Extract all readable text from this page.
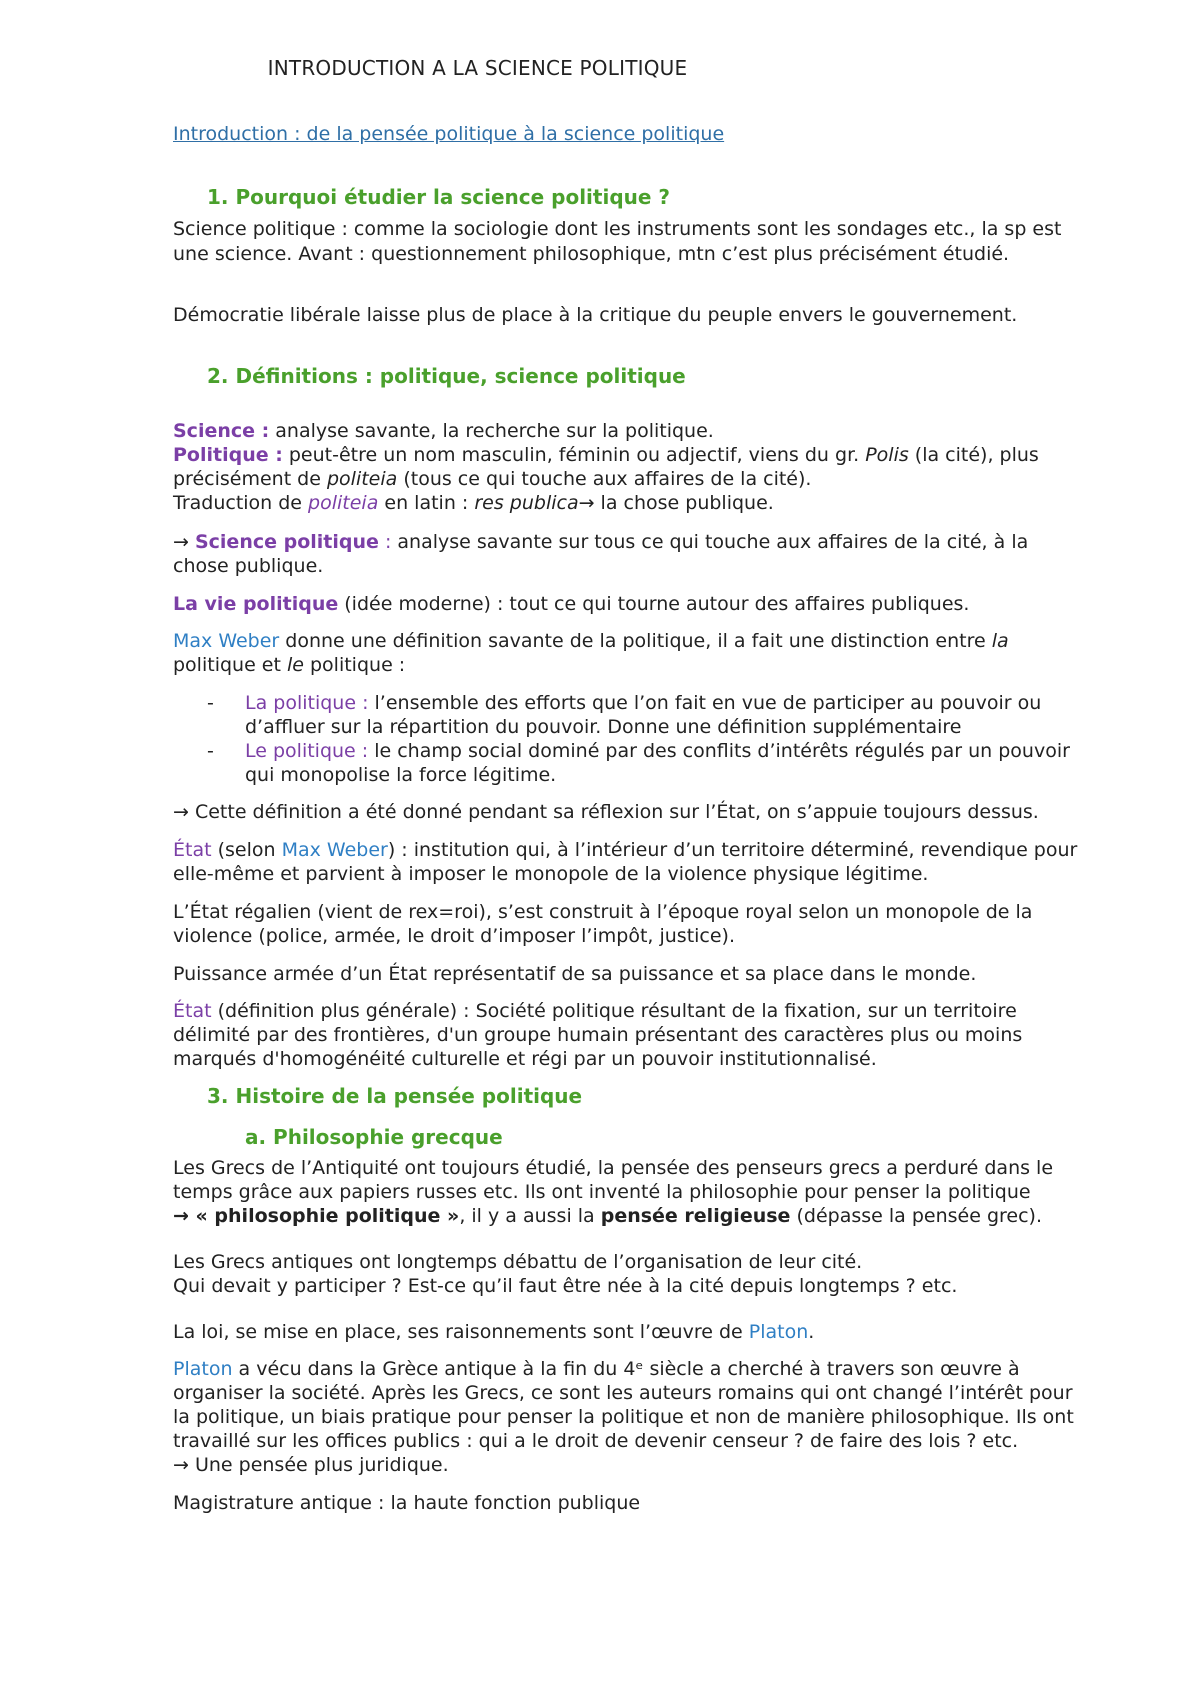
INTRODUCTION A LA SCIENCE POLITIQUE
Introduction : de la pensée politique à la science politique
1. Pourquoi étudier la science politique ?
Science politique : comme la sociologie dont les instruments sont les sondages etc., la sp est
une science. Avant : questionnement philosophique, mtn c’est plus précisément étudié.
Démocratie libérale laisse plus de place à la critique du peuple envers le gouvernement.
2. Définitions : politique, science politique
Science : analyse savante, la recherche sur la politique.
Politique : peut-être un nom masculin, féminin ou adjectif, viens du gr. Polis (la cité), plus
précisément de politeia (tous ce qui touche aux affaires de la cité).
Traduction de politeia en latin : res publica→ la chose publique.
→ Science politique : analyse savante sur tous ce qui touche aux affaires de la cité, à la
chose publique.
La vie politique (idée moderne) : tout ce qui tourne autour des affaires publiques.
Max Weber donne une définition savante de la politique, il a fait une distinction entre la
politique et le politique :
- La politique : l’ensemble des efforts que l’on fait en vue de participer au pouvoir ou
d’affluer sur la répartition du pouvoir. Donne une définition supplémentaire
- Le politique : le champ social dominé par des conflits d’intérêts régulés par un pouvoir
qui monopolise la force légitime.
→ Cette définition a été donné pendant sa réflexion sur l’État, on s’appuie toujours dessus.
État (selon Max Weber) : institution qui, à l’intérieur d’un territoire déterminé, revendique pour
elle-même et parvient à imposer le monopole de la violence physique légitime.
L’État régalien (vient de rex=roi), s’est construit à l’époque royal selon un monopole de la
violence (police, armée, le droit d’imposer l’impôt, justice).
Puissance armée d’un État représentatif de sa puissance et sa place dans le monde.
État (définition plus générale) : Société politique résultant de la fixation, sur un territoire
délimité par des frontières, d'un groupe humain présentant des caractères plus ou moins
marqués d'homogénéité culturelle et régi par un pouvoir institutionnalisé.
3. Histoire de la pensée politique
a. Philosophie grecque
Les Grecs de l’Antiquité ont toujours étudié, la pensée des penseurs grecs a perduré dans le
temps grâce aux papiers russes etc. Ils ont inventé la philosophie pour penser la politique
→ « philosophie politique », il y a aussi la pensée religieuse (dépasse la pensée grec).
Les Grecs antiques ont longtemps débattu de l’organisation de leur cité.
Qui devait y participer ? Est-ce qu’il faut être née à la cité depuis longtemps ? etc.
La loi, se mise en place, ses raisonnements sont l’œuvre de Platon.
Platon a vécu dans la Grèce antique à la fin du 4ᵉ siècle a cherché à travers son œuvre à
organiser la société. Après les Grecs, ce sont les auteurs romains qui ont changé l’intérêt pour
la politique, un biais pratique pour penser la politique et non de manière philosophique. Ils ont
travaillé sur les offices publics : qui a le droit de devenir censeur ? de faire des lois ? etc.
→ Une pensée plus juridique.
Magistrature antique : la haute fonction publique
